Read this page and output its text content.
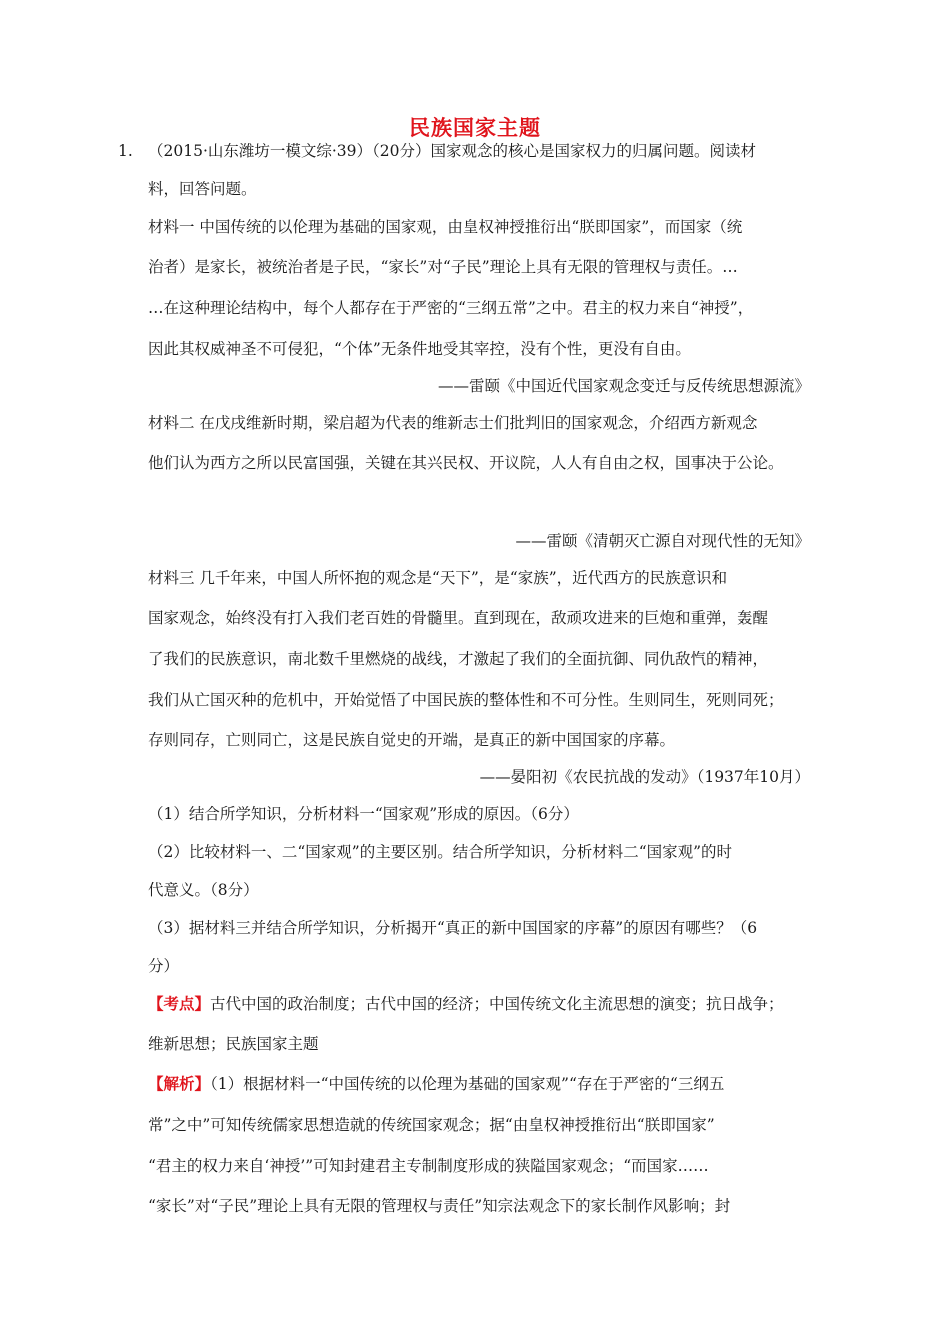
民族国家主题
1. （2015·山东潍坊一模文综·39）（20分）国家观念的核心是国家权力的归属问题。阅读材
料，回答问题。
材料一 中国传统的以伦理为基础的国家观，由皇权神授推衍出“朕即国家”，而国家（统
治者）是家长，被统治者是子民，“家长”对“子民”理论上具有无限的管理权与责任。…
…在这种理论结构中，每个人都存在于严密的“三纲五常”之中。君主的权力来自“神授”，
因此其权威神圣不可侵犯，“个体”无条件地受其宰控，没有个性，更没有自由。
——雷颐《中国近代国家观念变迁与反传统思想源流》
材料二 在戊戌维新时期，梁启超为代表的维新志士们批判旧的国家观念，介绍西方新观念
他们认为西方之所以民富国强，关键在其兴民权、开议院，人人有自由之权，国事决于公论。
——雷颐《清朝灭亡源自对现代性的无知》
材料三 几千年来，中国人所怀抱的观念是“天下”，是“家族”，近代西方的民族意识和
国家观念，始终没有打入我们老百姓的骨髓里。直到现在，敌顽攻进来的巨炮和重弹，轰醒
了我们的民族意识，南北数千里燃烧的战线，才激起了我们的全面抗御、同仇敌忾的精神，
我们从亡国灭种的危机中，开始觉悟了中国民族的整体性和不可分性。生则同生，死则同死；
存则同存，亡则同亡，这是民族自觉史的开端，是真正的新中国国家的序幕。
——晏阳初《农民抗战的发动》（1937年10月）
（1）结合所学知识，分析材料一“国家观”形成的原因。（6分）
（2）比较材料一、二“国家观”的主要区别。结合所学知识，分析材料二“国家观”的时
代意义。（8分）
（3）据材料三并结合所学知识，分析揭开“真正的新中国国家的序幕”的原因有哪些？（6
分）
【考点】古代中国的政治制度；古代中国的经济；中国传统文化主流思想的演变；抗日战争；
维新思想；民族国家主题
【解析】（1）根据材料一“中国传统的以伦理为基础的国家观”“存在于严密的“三纲五
常”之中”可知传统儒家思想造就的传统国家观念；据“由皇权神授推衍出“朕即国家”
“君主的权力来自‘神授’”可知封建君主专制制度形成的狭隘国家观念；“而国家……
“家长”对“子民”理论上具有无限的管理权与责任”知宗法观念下的家长制作风影响；封
